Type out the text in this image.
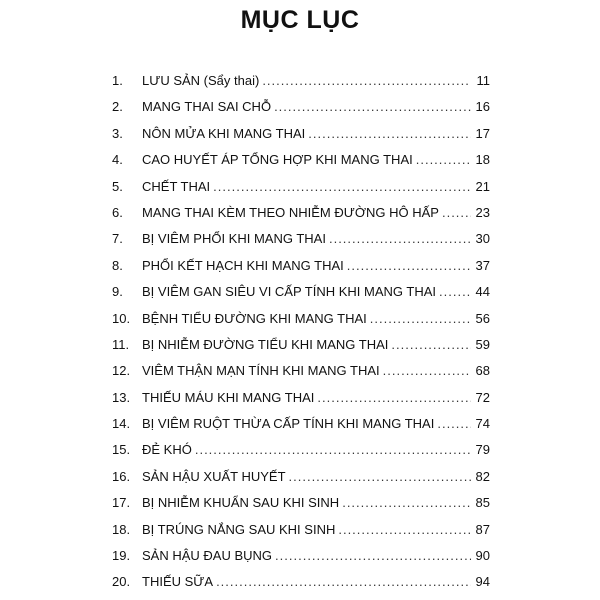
MỤC LỤC
1.	LƯU SẢN (Sẩy thai) .....	11
2.	MANG THAI SAI CHỖ .....	16
3.	NÔN MỬA KHI MANG THAI .....	17
4.	CAO HUYẾT ÁP TỔNG HỢP KHI MANG THAI .....	18
5.	CHẾT THAI .....	21
6.	MANG THAI KÈM THEO NHIỄM ĐƯỜNG HÔ HẤP .....	23
7.	BỊ VIÊM PHỔI KHI MANG THAI .....	30
8.	PHỔI KẾT HẠCH KHI MANG THAI .....	37
9.	BỊ VIÊM GAN SIÊU VI CẤP TÍNH KHI MANG THAI .....	44
10. BỆNH TIỂU ĐƯỜNG KHI MANG THAI .....	56
11. BỊ NHIỄM ĐƯỜNG TIỂU KHI MANG THAI .....	59
12. VIÊM THẬN MẠN TÍNH KHI MANG THAI .....	68
13. THIẾU MÁU KHI MANG THAI .....	72
14. BỊ VIÊM RUỘT THỪA CẤP TÍNH KHI MANG THAI .....	74
15. ĐẺ KHÓ .....	79
16. SẢN HẬU XUẤT HUYẾT .....	82
17. BỊ NHIỄM KHUẨN SAU KHI SINH .....	85
18. BỊ TRÚNG NẮNG SAU KHI SINH .....	87
19. SẢN HẬU ĐAU BỤNG .....	90
20. THIẾU SỮA .....	94
